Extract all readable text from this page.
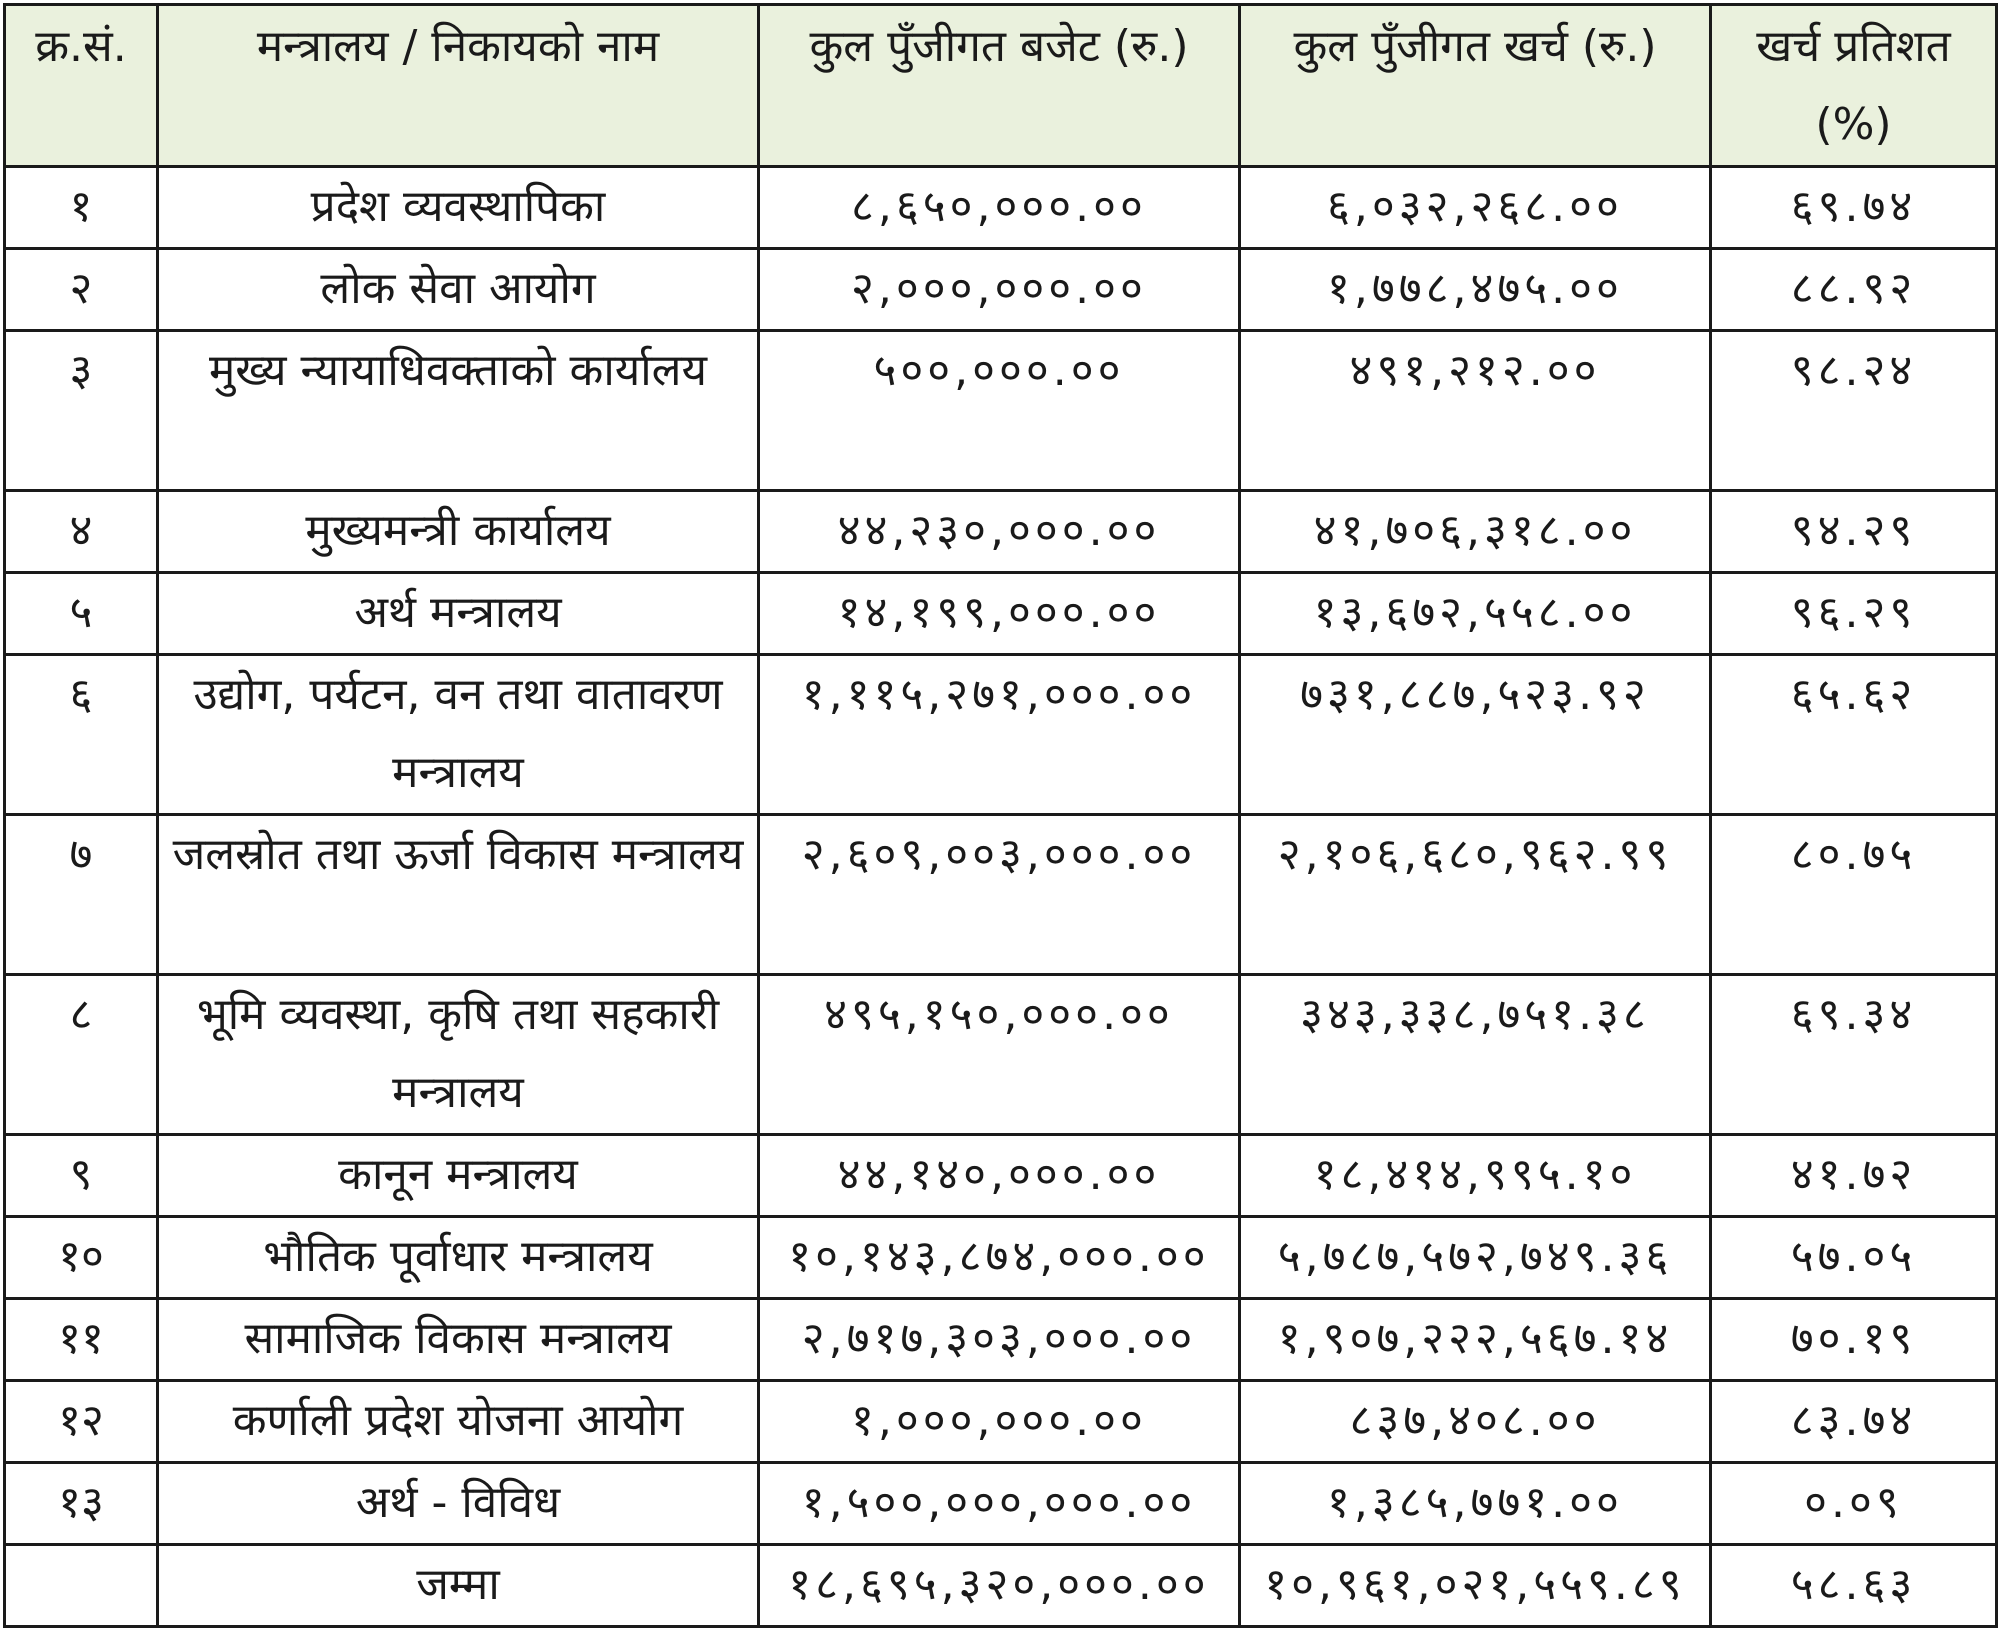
क्र.सं.	मन्त्रालय / निकायको नाम	कुल पुँजीगत बजेट (रु.)	कुल पुँजीगत खर्च (रु.)	खर्च प्रतिशत (%)
१	प्रदेश व्यवस्थापिका	८,६५०,०००.००	६,०३२,२६८.००	६९.७४
२	लोक सेवा आयोग	२,०००,०००.००	१,७७८,४७५.००	८८.९२
३	मुख्य न्यायाधिवक्ताको कार्यालय	५००,०००.००	४९१,२१२.००	९८.२४
४	मुख्यमन्त्री कार्यालय	४४,२३०,०००.००	४१,७०६,३१८.००	९४.२९
५	अर्थ मन्त्रालय	१४,१९९,०००.००	१३,६७२,५५८.००	९६.२९
६	उद्योग, पर्यटन, वन तथा वातावरण मन्त्रालय	१,११५,२७१,०००.००	७३१,८८७,५२३.९२	६५.६२
७	जलस्रोत तथा ऊर्जा विकास मन्त्रालय	२,६०९,००३,०००.००	२,१०६,६८०,९६२.९९	८०.७५
८	भूमि व्यवस्था, कृषि तथा सहकारी मन्त्रालय	४९५,१५०,०००.००	३४३,३३८,७५१.३८	६९.३४
९	कानून मन्त्रालय	४४,१४०,०००.००	१८,४१४,९९५.१०	४१.७२
१०	भौतिक पूर्वाधार मन्त्रालय	१०,१४३,८७४,०००.००	५,७८७,५७२,७४९.३६	५७.०५
११	सामाजिक विकास मन्त्रालय	२,७१७,३०३,०००.००	१,९०७,२२२,५६७.१४	७०.१९
१२	कर्णाली प्रदेश योजना आयोग	१,०००,०००.००	८३७,४०८.००	८३.७४
१३	अर्थ - विविध	१,५००,०००,०००.००	१,३८५,७७१.००	०.०९
	जम्मा	१८,६९५,३२०,०००.००	१०,९६१,०२१,५५९.८९	५८.६३
